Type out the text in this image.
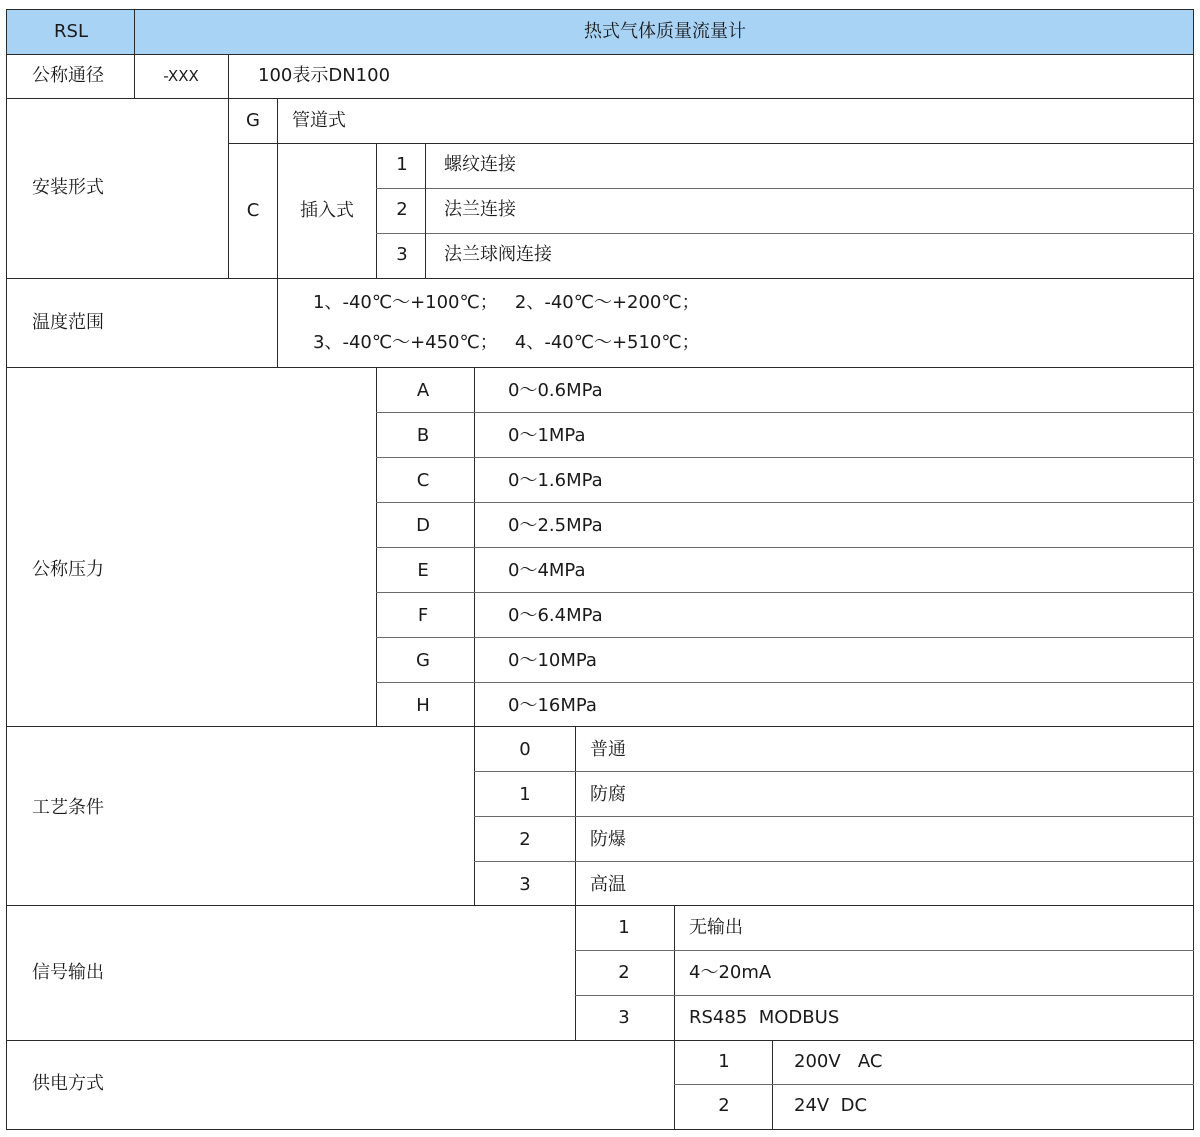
RSL	热式气体质量流量计
公称通径	-XXX	100表示DN100
安装形式
G 管道式
C 插入式
1 螺纹连接
2 法兰连接
3 法兰球阀连接
温度范围
1、-40℃～+100℃；   2、-40℃～+200℃；
3、-40℃～+450℃；   4、-40℃～+510℃；
公称压力
A	0～0.6MPa
B	0～1MPa
C	0～1.6MPa
D	0～2.5MPa
E	0～4MPa
F	0～6.4MPa
G	0～10MPa
H	0～16MPa
工艺条件
0	普通
1	防腐
2	防爆
3	高温
信号输出
1	无输出
2	4～20mA
3	RS485  MODBUS
供电方式
1	200V   AC
2	24V  DC
